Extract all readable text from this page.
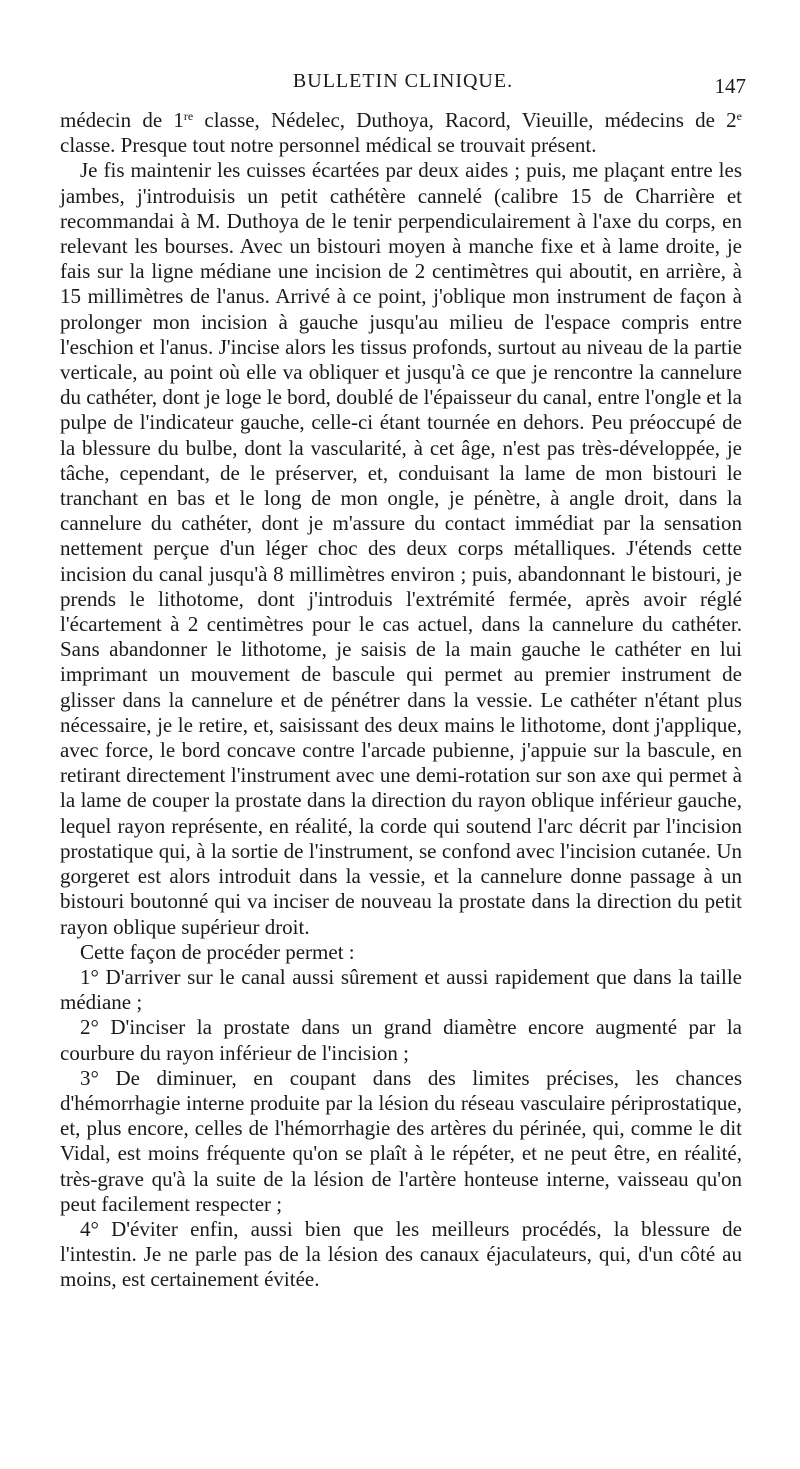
BULLETIN CLINIQUE.	147

médecin de 1re classe, Nédelec, Duthoya, Racord, Vieuille, médecins de 2e classe. Presque tout notre personnel médical se trouvait présent.

Je fis maintenir les cuisses écartées par deux aides ; puis, me plaçant entre les jambes, j'introduisis un petit cathétère cannelé (calibre 15 de Charrière et recommandai à M. Duthoya de le tenir perpendiculairement à l'axe du corps, en relevant les bourses. Avec un bistouri moyen à manche fixe et à lame droite, je fais sur la ligne médiane une incision de 2 centimètres qui aboutit, en arrière, à 15 millimètres de l'anus. Arrivé à ce point, j'oblique mon instrument de façon à prolonger mon incision à gauche jusqu'au milieu de l'espace compris entre l'eschion et l'anus. J'incise alors les tissus profonds, surtout au niveau de la partie verticale, au point où elle va obliquer et jusqu'à ce que je rencontre la cannelure du cathéter, dont je loge le bord, doublé de l'épaisseur du canal, entre l'ongle et la pulpe de l'indicateur gauche, celle-ci étant tournée en dehors. Peu préoccupé de la blessure du bulbe, dont la vascularité, à cet âge, n'est pas très-développée, je tâche, cependant, de le préserver, et, conduisant la lame de mon bistouri le tranchant en bas et le long de mon ongle, je pénètre, à angle droit, dans la cannelure du cathéter, dont je m'assure du contact immédiat par la sensation nettement perçue d'un léger choc des deux corps métalliques. J'étends cette incision du canal jusqu'à 8 millimètres environ ; puis, abandonnant le bistouri, je prends le lithotome, dont j'introduis l'extrémité fermée, après avoir réglé l'écartement à 2 centimètres pour le cas actuel, dans la cannelure du cathéter. Sans abandonner le lithotome, je saisis de la main gauche le cathéter en lui imprimant un mouvement de bascule qui permet au premier instrument de glisser dans la cannelure et de pénétrer dans la vessie. Le cathéter n'étant plus nécessaire, je le retire, et, saisissant des deux mains le lithotome, dont j'applique, avec force, le bord concave contre l'arcade pubienne, j'appuie sur la bascule, en retirant directement l'instrument avec une demi-rotation sur son axe qui permet à la lame de couper la prostate dans la direction du rayon oblique inférieur gauche, lequel rayon représente, en réalité, la corde qui soutend l'arc décrit par l'incision prostatique qui, à la sortie de l'instrument, se confond avec l'incision cutanée. Un gorgeret est alors introduit dans la vessie, et la cannelure donne passage à un bistouri boutonné qui va inciser de nouveau la prostate dans la direction du petit rayon oblique supérieur droit.

Cette façon de procéder permet :

1° D'arriver sur le canal aussi sûrement et aussi rapidement que dans la taille médiane ;

2° D'inciser la prostate dans un grand diamètre encore augmenté par la courbure du rayon inférieur de l'incision ;

3° De diminuer, en coupant dans des limites précises, les chances d'hémorrhagie interne produite par la lésion du réseau vasculaire périprostatique, et, plus encore, celles de l'hémorrhagie des artères du périnée, qui, comme le dit Vidal, est moins fréquente qu'on se plaît à le répéter, et ne peut être, en réalité, très-grave qu'à la suite de la lésion de l'artère honteuse interne, vaisseau qu'on peut facilement respecter ;

4° D'éviter enfin, aussi bien que les meilleurs procédés, la blessure de l'intestin. Je ne parle pas de la lésion des canaux éjaculateurs, qui, d'un côté au moins, est certainement évitée.
